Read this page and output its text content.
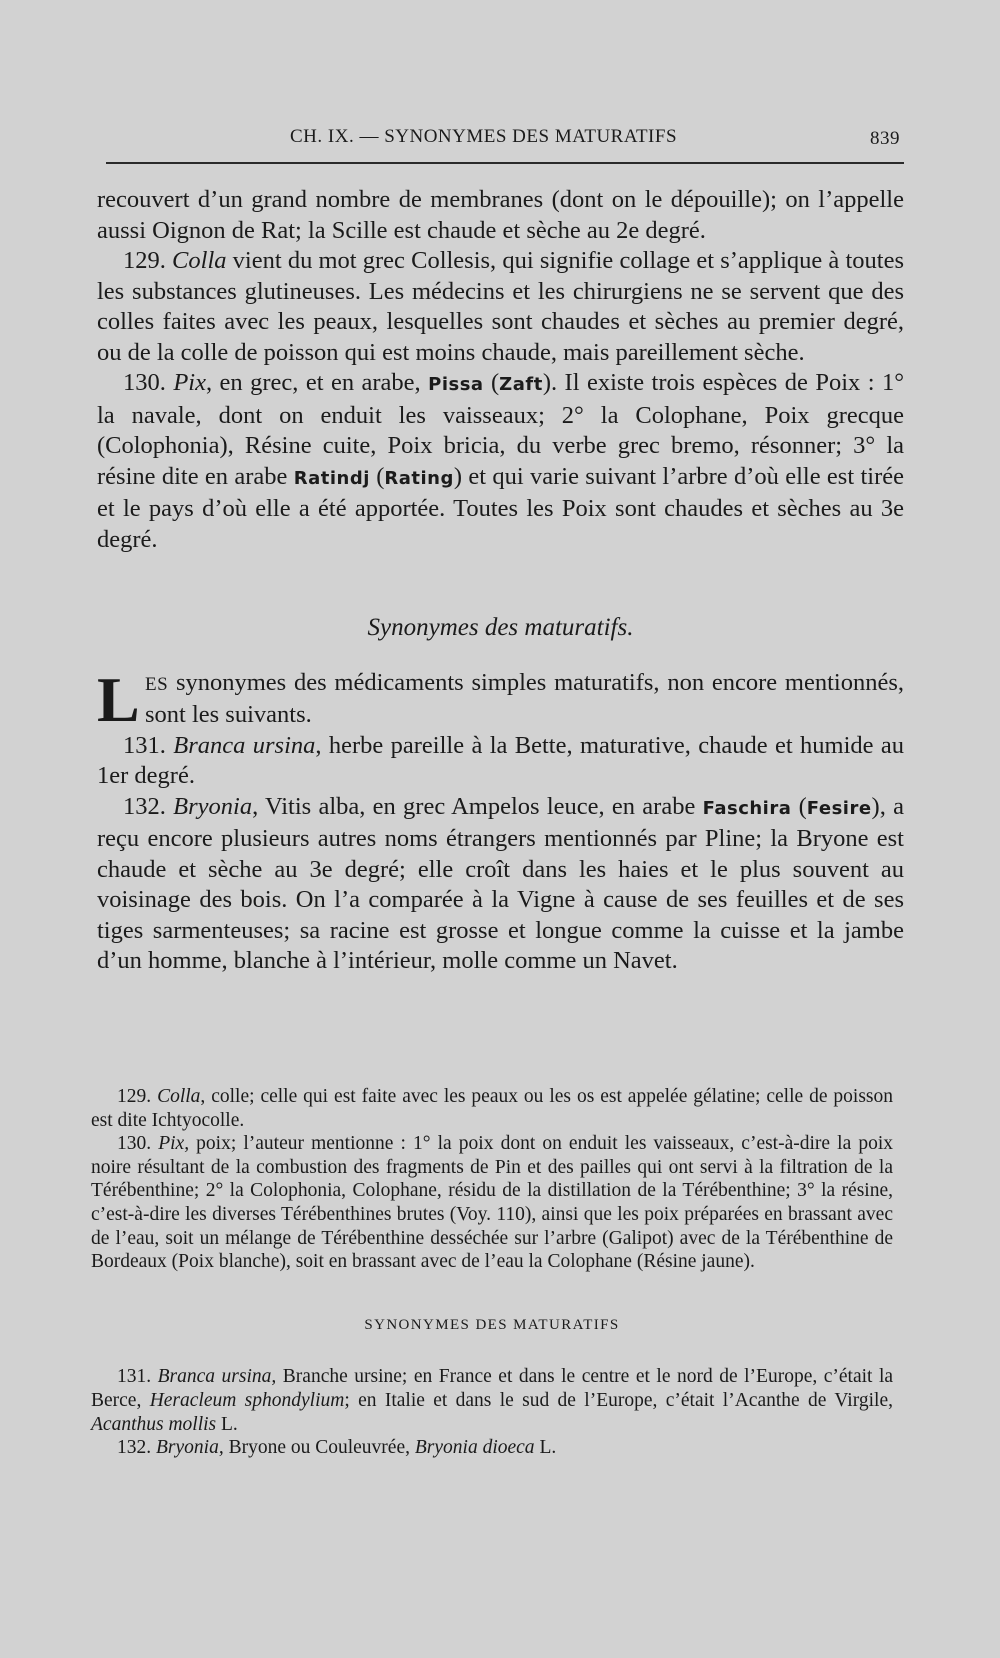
CH. IX. — SYNONYMES DES MATURATIFS	839

recouvert d’un grand nombre de membranes (dont on le dépouille); on l’appelle aussi Oignon de Rat; la Scille est chaude et sèche au 2e degré.

129. Colla vient du mot grec Collesis, qui signifie collage et s’applique à toutes les substances glutineuses. Les médecins et les chirurgiens ne se servent que des colles faites avec les peaux, lesquelles sont chaudes et sèches au premier degré, ou de la colle de poisson qui est moins chaude, mais pareillement sèche.

130. Pix, en grec, et en arabe, Pissa (Zaft). Il existe trois espèces de Poix : 1° la navale, dont on enduit les vaisseaux; 2° la Colophane, Poix grecque (Colophonia), Résine cuite, Poix bricia, du verbe grec bremo, résonner; 3° la résine dite en arabe Ratindj (Rating) et qui varie suivant l’arbre d’où elle est tirée et le pays d’où elle a été apportée. Toutes les Poix sont chaudes et sèches au 3e degré.

Synonymes des maturatifs.

L ES synonymes des médicaments simples maturatifs, non encore mentionnés, sont les suivants.

131. Branca ursina, herbe pareille à la Bette, maturative, chaude et humide au 1er degré.

132. Bryonia, Vitis alba, en grec Ampelos leuce, en arabe Faschira (Fesire), a reçu encore plusieurs autres noms étrangers mentionnés par Pline; la Bryone est chaude et sèche au 3e degré; elle croît dans les haies et le plus souvent au voisinage des bois. On l’a comparée à la Vigne à cause de ses feuilles et de ses tiges sarmenteuses; sa racine est grosse et longue comme la cuisse et la jambe d’un homme, blanche à l’intérieur, molle comme un Navet.

129. Colla, colle; celle qui est faite avec les peaux ou les os est appelée gélatine; celle de poisson est dite Ichtyocolle.

130. Pix, poix; l’auteur mentionne : 1° la poix dont on enduit les vaisseaux, c’est-à-dire la poix noire résultant de la combustion des fragments de Pin et des pailles qui ont servi à la filtration de la Térébenthine; 2° la Colophonia, Colophane, résidu de la distillation de la Térébenthine; 3° la résine, c’est-à-dire les diverses Térébenthines brutes (Voy. 110), ainsi que les poix préparées en brassant avec de l’eau, soit un mélange de Térébenthine desséchée sur l’arbre (Galipot) avec de la Térébenthine de Bordeaux (Poix blanche), soit en brassant avec de l’eau la Colophane (Résine jaune).

SYNONYMES DES MATURATIFS

131. Branca ursina, Branche ursine; en France et dans le centre et le nord de l’Europe, c’était la Berce, Heracleum sphondylium; en Italie et dans le sud de l’Europe, c’était l’Acanthe de Virgile, Acanthus mollis L.

132. Bryonia, Bryone ou Couleuvrée, Bryonia dioeca L.
